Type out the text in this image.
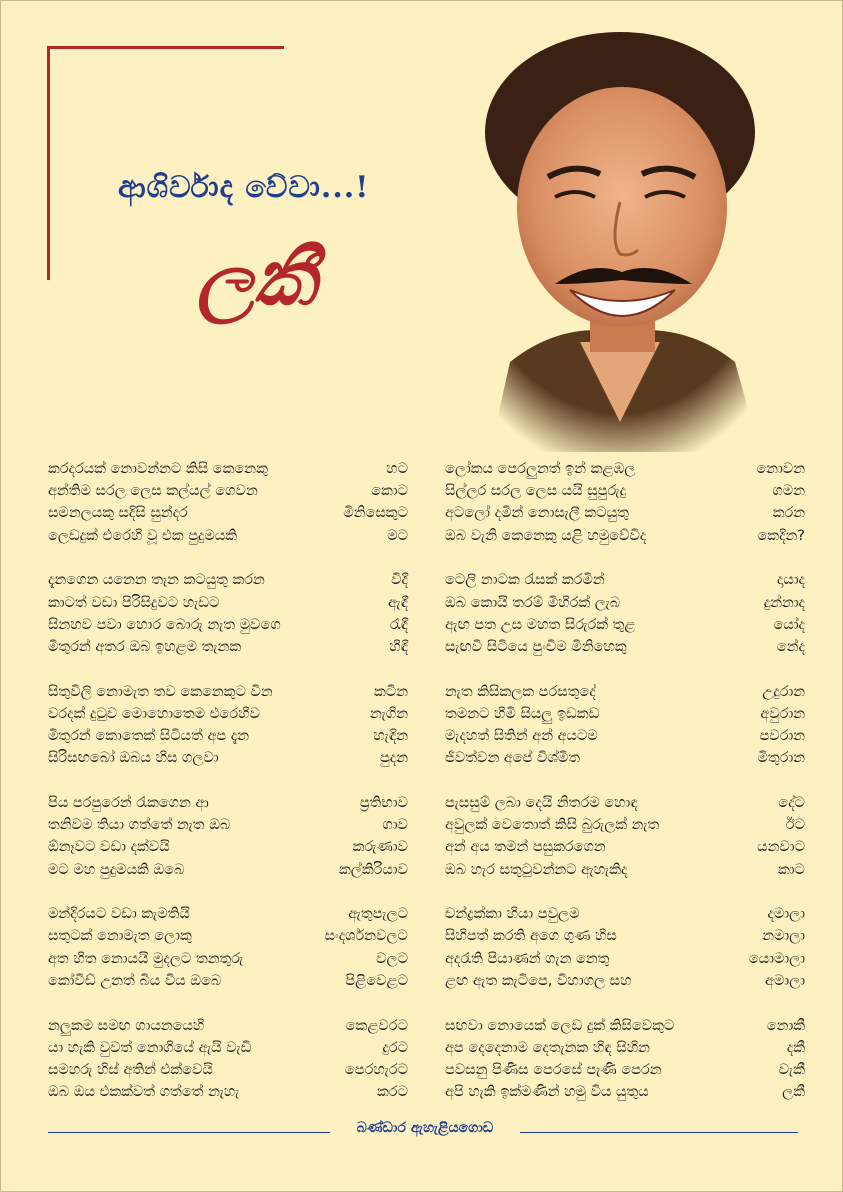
ආශිර්වාද වේවා...!
ලකී
කරදරයක් නොවන්නට කිසි කෙනෙකු	හට
අන්තිම සරල ලෙස කල්යල් ගෙවන	කොට
සමනලයකු සදිසි සුන්දර	මිනිසෙකුට
ලෙඩදුක් එරෙහි වූ එක පුදුමයකි	මට
දැනගෙන යනෙන තැන කටයුතු කරන	විදී
කාටත් වඩා පිරිසිදුවට හැඩට	ඇඳී
සිනහව පවා හොර බොරු නැත මුවගෙ	රැඳී
මිතුරන් අතර ඔබ ඉහළම තැනක	හිඳී
සිතුවිලි නොමැත තව කෙනෙකුට වින	කටින
වරදක් දුටුව මොහොතෙම එරෙහිව	නැගින
මිතුරන් කොතෙක් සිටියත් අප දැන	හැඳින
සිරිසඟබෝ ඔබය හිස ගලවා	පුදන
පිය පරපුරෙන් රැකගෙන ආ	ප්‍රතිභාව
තනිවම තියා ගත්තේ නැත ඔබ	ගාව
ඕනෑවට වඩා දක්වයි	කරුණාව
මට මහ පුදුමයකි ඔබෙ	කල්කිරියාව
මන්දිරයට වඩා කැමතියි	ඇතුපැලට
සතුටක් නොමැත ලොකු	සංදර්ශනවලට
අත හිත නොයයි මුදලට තනතුරු	වලට
කෝවිඩ් උනත් බිය විය ඔබෙ	පිළිවෙළට
නලුකම සමඟ ගායනයෙහි	කෙළවරට
යා හැකි වුවත් නොගියේ ඇයි වැඩි	දුරට
සමහරු හිස් අතින් එක්වෙයි	පෙරහැරට
ඔබ ඔය එකක්වත් ගත්තේ නැහැ	කරට
ලෝකය පෙරලුනත් ඉන් කළඹල	නොවන
සිල්ලර සරල ලෙස යයි සුපුරුදු	ගමන
අටලෝ දමින් නොසැලී කටයුතු	කරන
ඔබ වැනි කෙනෙකු යළි හමුවේවිද	කෙදින?
ටෙලි නාටක රැසක් කරමින්	දායාද
ඔබ කොයි තරම් මිහිරක් ලැබ	දුන්නාද
ඇඟ පත උස මහත සිරුරක් තුළ	යෝද
සැඟවී සිටියෙ පුංචිම මිනිහෙකු	නේද
නැත කිසිකලක පරසතුදේ	උදුරාන
තමනට හිමි සියලු ඉඩකඩ	අවුරාන
මැදහත් සිතින් අන් අයටම	පවරාන
ජීවත්වන අපේ විශ්මිත	මිතුරාන
පැසසුම් ලබා දෙයි නිතරම හොඳ	දේට
අවුලක් වෙතොත් කිසි බුරුලක් නැත	ඊට
අන් අය තමන් පසුකරගෙන	යනවාට
ඔබ හැර සතුටුවන්නට ඇහැකිද	කාට
චන්ද්‍රක්කා හියා පවුලම	දමාලා
සිහිපත් කරති අගෙ ගුණ හිස	නමාලා
අදරැති පියාණන් ගැන නෙතු	යොමාලා
ළඟ ඇත කැටිපෙ, විහාගල සහ	අමාලා
සඟවා නොයෙක් ලෙඩ දුක් කිසිවෙකුට	නොකී
අප දෙදෙනාම දෙතැනක හිඳ සිහින	දකී
පවසනු පිණිස පෙරසේ පැණි පෙරන	වැකී
අපි හැකි ඉක්මණින් හමු විය යුතුය	ලකී
බණ්ඩාර ඇහැළියගොඩ
